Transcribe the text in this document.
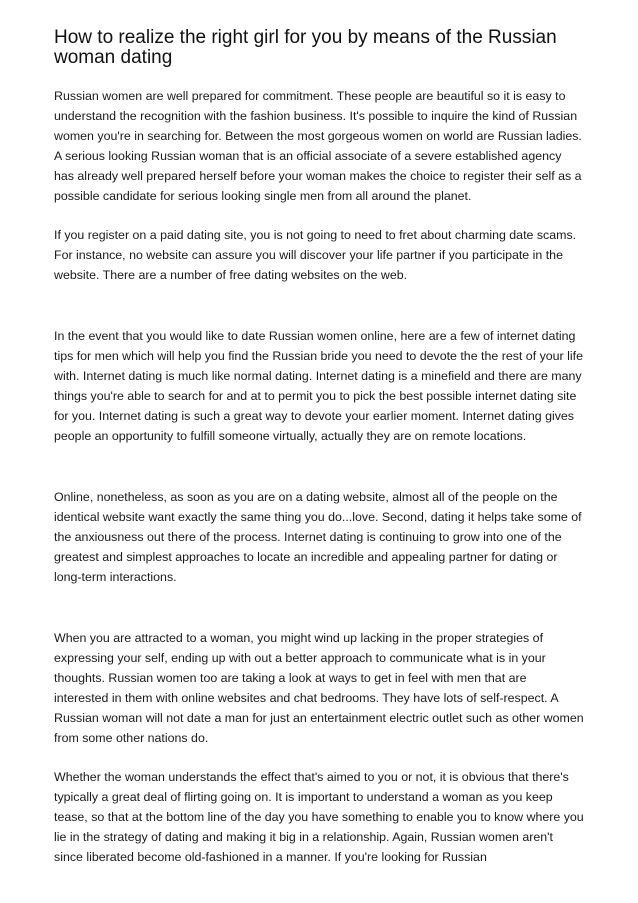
How to realize the right girl for you by means of the Russian woman dating

Russian women are well prepared for commitment. These people are beautiful so it is easy to understand the recognition with the fashion business. It's possible to inquire the kind of Russian women you're in searching for. Between the most gorgeous women on world are Russian ladies. A serious looking Russian woman that is an official associate of a severe established agency has already well prepared herself before your woman makes the choice to register their self as a possible candidate for serious looking single men from all around the planet.

If you register on a paid dating site, you is not going to need to fret about charming date scams. For instance, no website can assure you will discover your life partner if you participate in the website. There are a number of free dating websites on the web.

In the event that you would like to date Russian women online, here are a few of internet dating tips for men which will help you find the Russian bride you need to devote the the rest of your life with. Internet dating is much like normal dating. Internet dating is a minefield and there are many things you're able to search for and at to permit you to pick the best possible internet dating site for you. Internet dating is such a great way to devote your earlier moment. Internet dating gives people an opportunity to fulfill someone virtually, actually they are on remote locations.

Online, nonetheless, as soon as you are on a dating website, almost all of the people on the identical website want exactly the same thing you do...love. Second, dating it helps take some of the anxiousness out there of the process. Internet dating is continuing to grow into one of the greatest and simplest approaches to locate an incredible and appealing partner for dating or long-term interactions.

When you are attracted to a woman, you might wind up lacking in the proper strategies of expressing your self, ending up with out a better approach to communicate what is in your thoughts. Russian women too are taking a look at ways to get in feel with men that are interested in them with online websites and chat bedrooms. They have lots of self-respect. A Russian woman will not date a man for just an entertainment electric outlet such as other women from some other nations do.

Whether the woman understands the effect that's aimed to you or not, it is obvious that there's typically a great deal of flirting going on. It is important to understand a woman as you keep tease, so that at the bottom line of the day you have something to enable you to know where you lie in the strategy of dating and making it big in a relationship. Again, Russian women aren't since liberated become old-fashioned in a manner. If you're looking for Russian
